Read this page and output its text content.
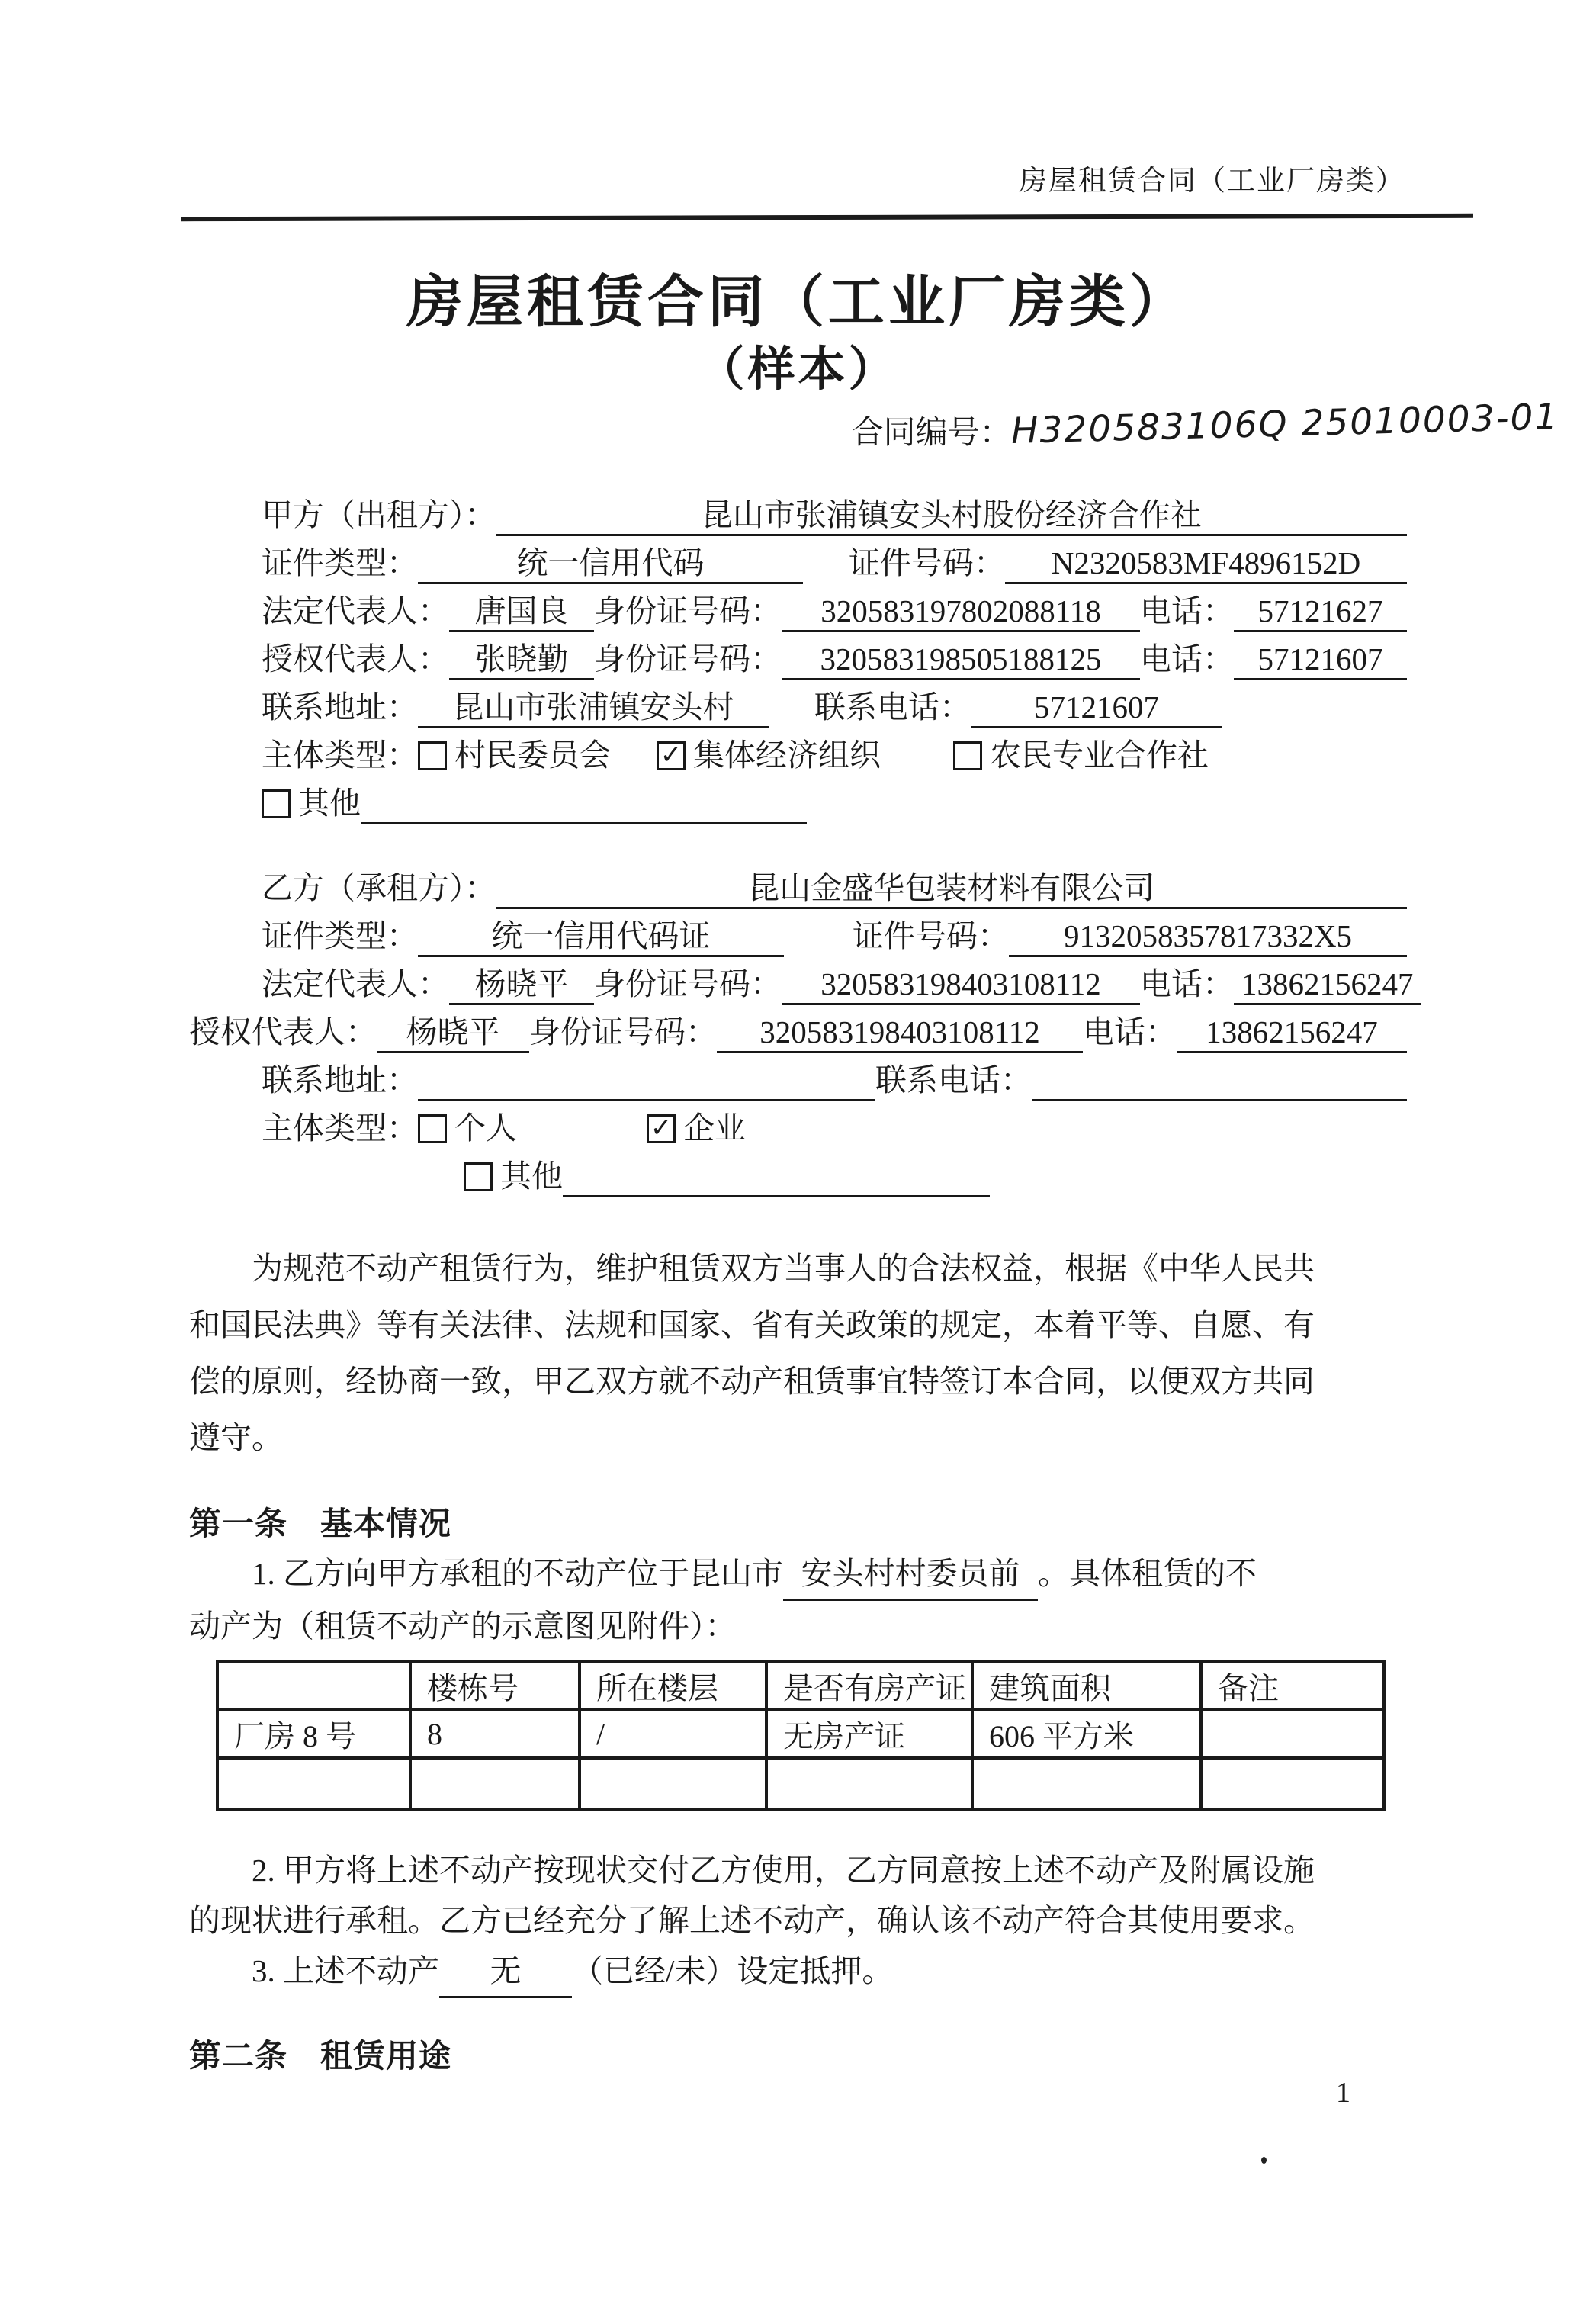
房屋租赁合同（工业厂房类）
房屋租赁合同（工业厂房类）
（样本）
合同编号：H320583106Q 25010003-01
甲方（出租方）：	昆山市张浦镇安头村股份经济合作社
证件类型：	统一信用代码	证件号码：	N2320583MF4896152D
法定代表人： 唐国良 身份证号码：	320583197802088118	电话： 57121627
授权代表人： 张晓勤 身份证号码：	320583198505188125	电话： 57121607
联系地址：	昆山市张浦镇安头村	联系电话：	57121607
主体类型： 村民委员会 ✓ 集体经济组织	农民专业合作社
其他
乙方（承租方）：	昆山金盛华包装材料有限公司
证件类型：	统一信用代码证	证件号码：	9132058357817332X5
法定代表人： 杨晓平 身份证号码：	320583198403108112	电话： 13862156247
授权代表人： 杨晓平 身份证号码：	320583198403108112	电话： 13862156247
联系地址：	联系电话：
主体类型： 个人	✓ 企业
其他
为规范不动产租赁行为，维护租赁双方当事人的合法权益，根据《中华人民共
和国民法典》等有关法律、法规和国家、省有关政策的规定，本着平等、自愿、有
偿的原则，经协商一致，甲乙双方就不动产租赁事宜特签订本合同，以便双方共同
遵守。
第一条　基本情况
1. 乙方向甲方承租的不动产位于昆山市 安头村村委员前 。具体租赁的不
动产为（租赁不动产的示意图见附件）：
	楼栋号	所在楼层	是否有房产证	建筑面积	备注
厂房 8 号	8	/	无房产证	606 平方米	

2. 甲方将上述不动产按现状交付乙方使用，乙方同意按上述不动产及附属设施
的现状进行承租。乙方已经充分了解上述不动产，确认该不动产符合其使用要求。
3. 上述不动产 无 （已经/未）设定抵押。
第二条　租赁用途
1
